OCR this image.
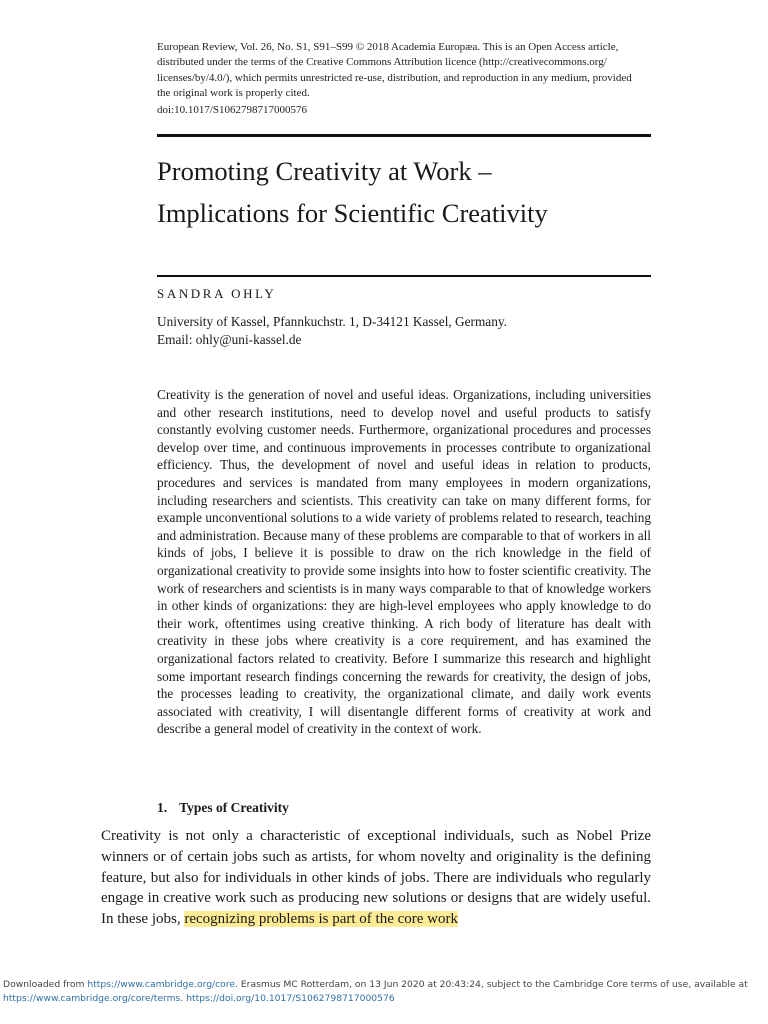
European Review, Vol. 26, No. S1, S91–S99 © 2018 Academia Europæa. This is an Open Access article,

distributed under the terms of the Creative Commons Attribution licence (http://creativecommons.org/

licenses/by/4.0/), which permits unrestricted re-use, distribution, and reproduction in any medium, provided

the original work is properly cited.

doi:10.1017/S1062798717000576

Promoting Creativity at Work –
Implications for Scientific Creativity
SANDRA OHLY

University of Kassel, Pfannkuchstr. 1, D-34121 Kassel, Germany.

Email: ohly@uni-kassel.de

Creativity is the generation of novel and useful ideas. Organizations, including universities and other research institutions, need to develop novel and useful products to satisfy constantly evolving customer needs. Furthermore, organizational procedures and processes develop over time, and continuous improvements in processes contribute to organizational efficiency. Thus, the development of novel and useful ideas in relation to products, procedures and services is mandated from many employees in modern organizations, including researchers and scientists. This creativity can take on many different forms, for example unconventional solutions to a wide variety of problems related to research, teaching and administration. Because many of these problems are comparable to that of workers in all kinds of jobs, I believe it is possible to draw on the rich knowledge in the field of organizational creativity to provide some insights into how to foster scientific creativity. The work of researchers and scientists is in many ways comparable to that of knowledge workers in other kinds of organizations: they are high-level employees who apply knowledge to do their work, oftentimes using creative thinking. A rich body of literature has dealt with creativity in these jobs where creativity is a core requirement, and has examined the organizational factors related to creativity. Before I summarize this research and highlight some important research findings concerning the rewards for creativity, the design of jobs, the processes leading to creativity, the organizational climate, and daily work events associated with creativity, I will disentangle different forms of creativity at work and describe a general model of creativity in the context of work.

1. Types of Creativity

Creativity is not only a characteristic of exceptional individuals, such as Nobel Prize winners or of certain jobs such as artists, for whom novelty and originality is the defining feature, but also for individuals in other kinds of jobs. There are individuals who regularly engage in creative work such as producing new solutions or designs that are widely useful. In these jobs, recognizing problems is part of the core work

Downloaded from https://www.cambridge.org/core. Erasmus MC Rotterdam, on 13 Jun 2020 at 20:43:24, subject to the Cambridge Core terms of use, available at

https://www.cambridge.org/core/terms. https://doi.org/10.1017/S1062798717000576
